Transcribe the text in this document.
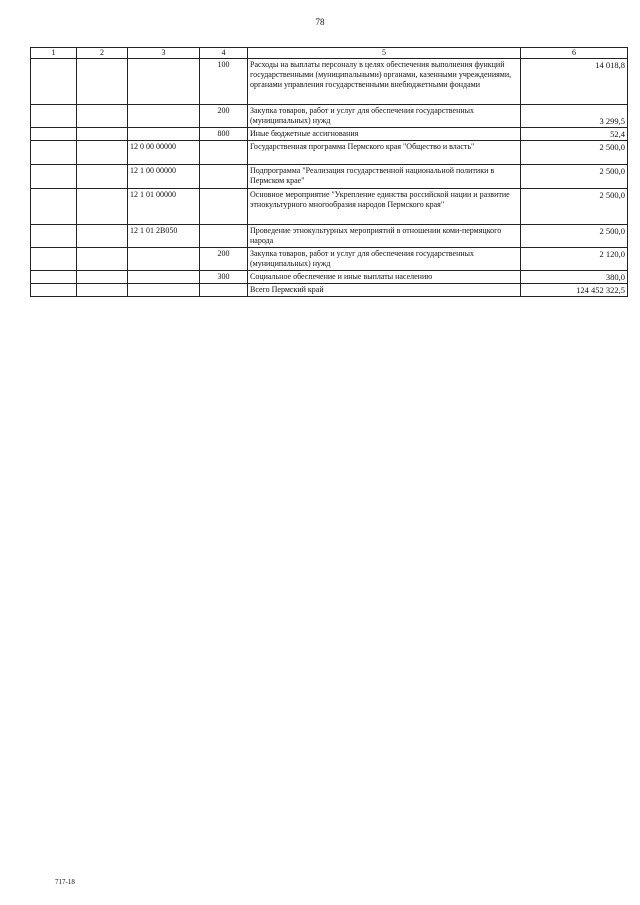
78
1	2	3	4	5	6
			100	Расходы на выплаты персоналу в целях обеспечения выполнения функций государственными (муниципальными) органами, казенными учреждениями, органами управления государственными внебюджетными фондами	14 018,8
			200	Закупка товаров, работ и услуг для обеспечения государственных (муниципальных) нужд	3 299,5
			800	Иные бюджетные ассигнования	52,4
		12 0 00 00000		Государственная программа Пермского края "Общество и власть"	2 500,0
		12 1 00 00000		Подпрограмма "Реализация государственной национальной политики в Пермском крае"	2 500,0
		12 1 01 00000		Основное мероприятие "Укрепление единства российской нации и развитие этнокультурного многообразия народов Пермского края"	2 500,0
		12 1 01 2В050		Проведение этнокультурных мероприятий в отношении коми-пермяцкого народа	2 500,0
			200	Закупка товаров, работ и услуг для обеспечения государственных (муниципальных) нужд	2 120,0
			300	Социальное обеспечение и иные выплаты населению	380,0
				Всего Пермский край	124 452 322,5
717-18
